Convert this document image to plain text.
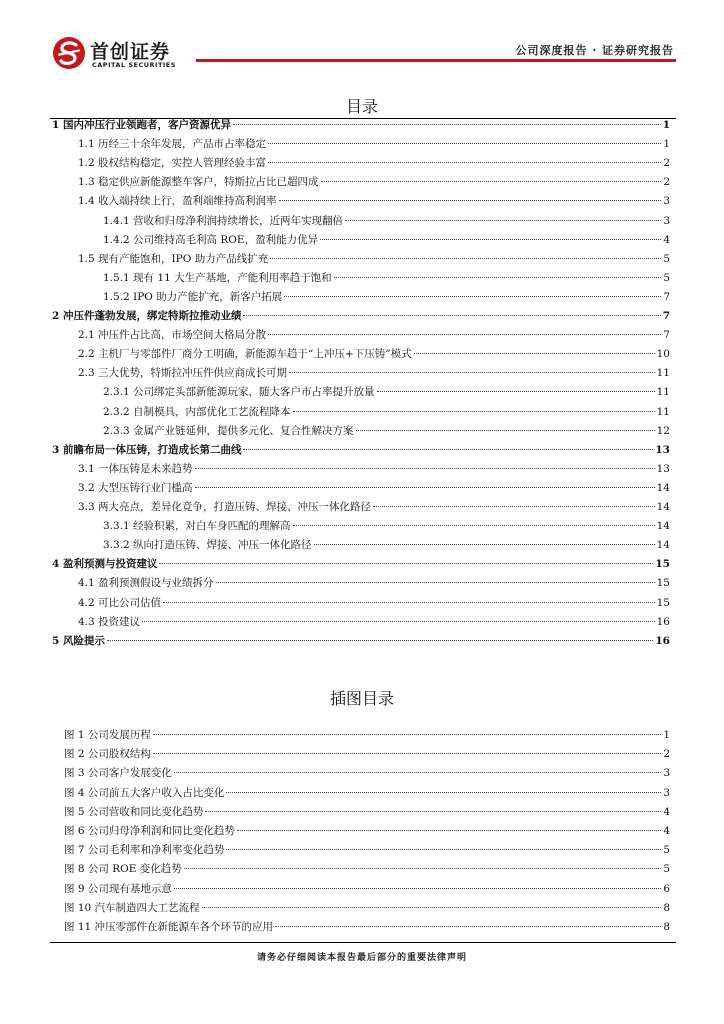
首创证券
CAPITAL SECURITIES
公司深度报告 · 证券研究报告
目录
1 国内冲压行业领跑者，客户资源优异	1
1.1 历经三十余年发展，产品市占率稳定	1
1.2 股权结构稳定，实控人管理经验丰富	2
1.3 稳定供应新能源整车客户，特斯拉占比已超四成	2
1.4 收入端持续上行，盈利端维持高利润率	3
1.4.1 营收和归母净利润持续增长，近两年实现翻倍	3
1.4.2 公司维持高毛利高 ROE，盈利能力优异	4
1.5 现有产能饱和，IPO 助力产品线扩充	5
1.5.1 现有 11 大生产基地，产能利用率趋于饱和	5
1.5.2 IPO 助力产能扩充，新客户拓展	7
2 冲压件蓬勃发展，绑定特斯拉推动业绩	7
2.1 冲压件占比高，市场空间大格局分散	7
2.2 主机厂与零部件厂商分工明确，新能源车趋于“上冲压+下压铸”模式	10
2.3 三大优势，特斯拉冲压件供应商成长可期	11
2.3.1 公司绑定头部新能源玩家，随大客户市占率提升放量	11
2.3.2 自制模具，内部优化工艺流程降本	11
2.3.3 金属产业链延伸，提供多元化、复合性解决方案	12
3 前瞻布局一体压铸，打造成长第二曲线	13
3.1 一体压铸是未来趋势	13
3.2 大型压铸行业门槛高	14
3.3 两大亮点，差异化竞争，打造压铸、焊接、冲压一体化路径	14
3.3.1 经验积累，对白车身匹配的理解高	14
3.3.2 纵向打造压铸、焊接、冲压一体化路径	14
4 盈利预测与投资建议	15
4.1 盈利预测假设与业绩拆分	15
4.2 可比公司估值	15
4.3 投资建议	16
5 风险提示	16
插图目录
图 1 公司发展历程	1
图 2 公司股权结构	2
图 3 公司客户发展变化	3
图 4 公司前五大客户收入占比变化	3
图 5 公司营收和同比变化趋势	4
图 6 公司归母净利润和同比变化趋势	4
图 7 公司毛利率和净利率变化趋势	5
图 8 公司 ROE 变化趋势	5
图 9 公司现有基地示意	6
图 10 汽车制造四大工艺流程	8
图 11 冲压零部件在新能源车各个环节的应用	8
请务必仔细阅读本报告最后部分的重要法律声明
